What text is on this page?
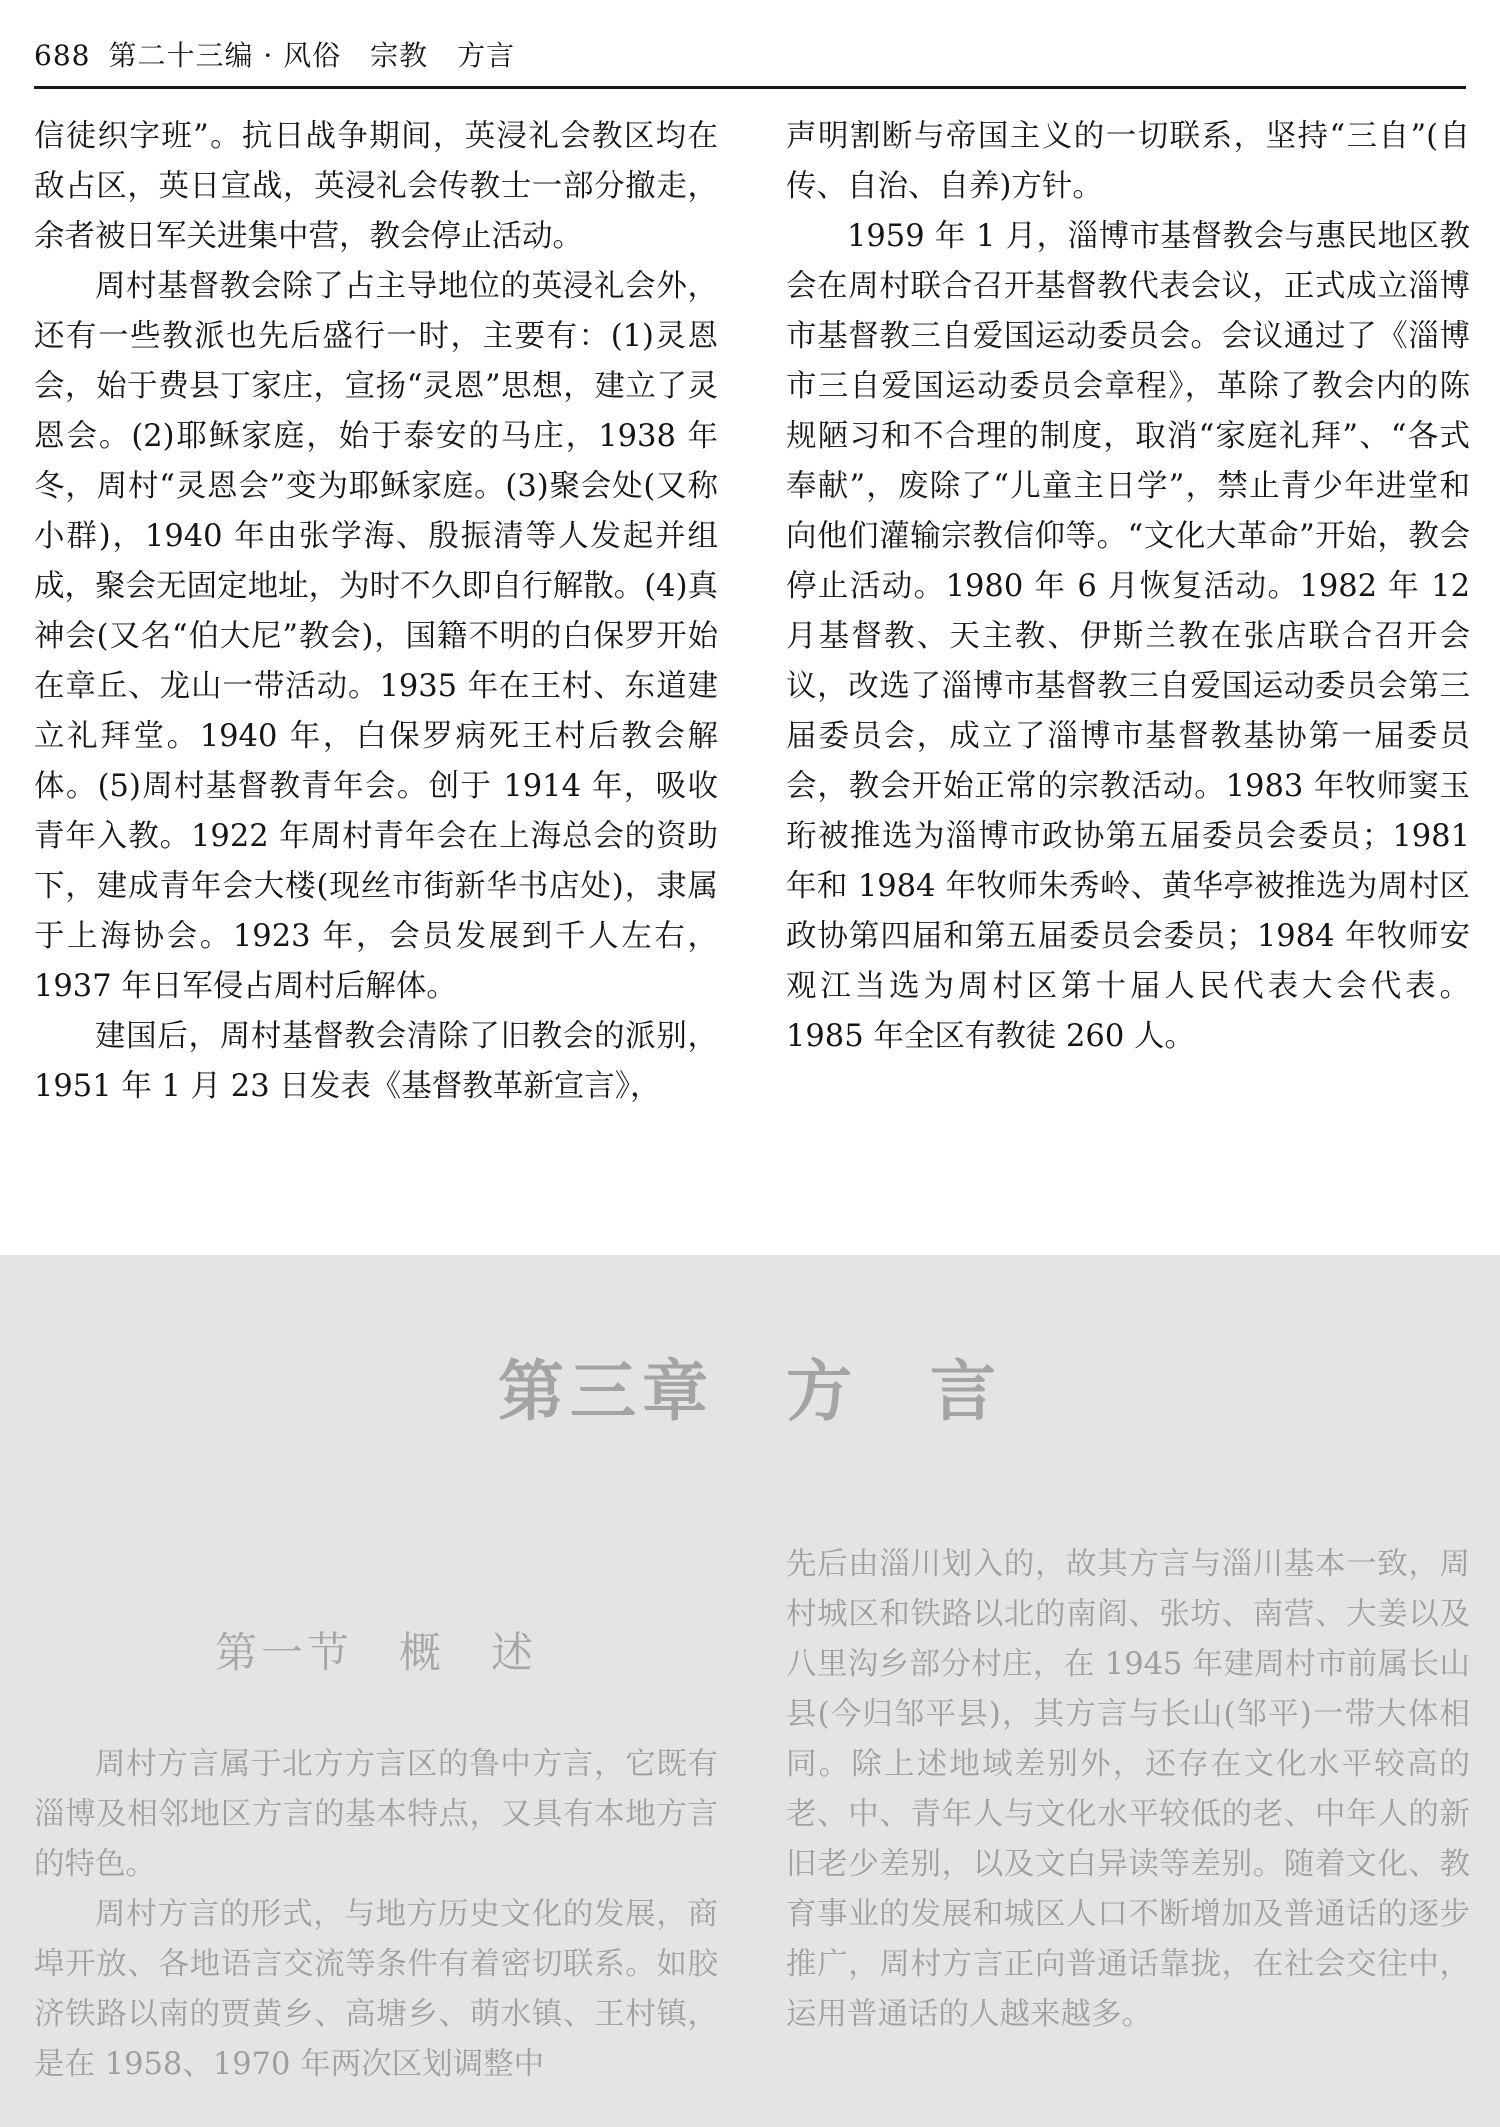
688 第二十三编 · 风俗　宗教　方言

信徒织字班”。抗日战争期间，英浸礼会教区均在敌占区，英日宣战，英浸礼会传教士一部分撤走，余者被日军关进集中营，教会停止活动。

周村基督教会除了占主导地位的英浸礼会外，还有一些教派也先后盛行一时，主要有：(1)灵恩会，始于费县丁家庄，宣扬“灵恩”思想，建立了灵恩会。(2)耶稣家庭，始于泰安的马庄，1938 年冬，周村“灵恩会”变为耶稣家庭。(3)聚会处(又称小群)，1940 年由张学海、殷振清等人发起并组成，聚会无固定地址，为时不久即自行解散。(4)真神会(又名“伯大尼”教会)，国籍不明的白保罗开始在章丘、龙山一带活动。1935 年在王村、东道建立礼拜堂。1940 年，白保罗病死王村后教会解体。(5)周村基督教青年会。创于 1914 年，吸收青年入教。1922 年周村青年会在上海总会的资助下，建成青年会大楼(现丝市街新华书店处)，隶属于上海协会。1923 年，会员发展到千人左右，1937 年日军侵占周村后解体。

建国后，周村基督教会清除了旧教会的派别，1951 年 1 月 23 日发表《基督教革新宣言》，

声明割断与帝国主义的一切联系，坚持“三自”(自传、自治、自养)方针。

1959 年 1 月，淄博市基督教会与惠民地区教会在周村联合召开基督教代表会议，正式成立淄博市基督教三自爱国运动委员会。会议通过了《淄博市三自爱国运动委员会章程》，革除了教会内的陈规陋习和不合理的制度，取消“家庭礼拜”、“各式奉献”，废除了“儿童主日学”，禁止青少年进堂和向他们灌输宗教信仰等。“文化大革命”开始，教会停止活动。1980 年 6 月恢复活动。1982 年 12 月基督教、天主教、伊斯兰教在张店联合召开会议，改选了淄博市基督教三自爱国运动委员会第三届委员会，成立了淄博市基督教基协第一届委员会，教会开始正常的宗教活动。1983 年牧师窦玉珩被推选为淄博市政协第五届委员会委员；1981 年和 1984 年牧师朱秀岭、黄华亭被推选为周村区政协第四届和第五届委员会委员；1984 年牧师安观江当选为周村区第十届人民代表大会代表。1985 年全区有教徒 260 人。

第三章　方　言
第一节　概　述

周村方言属于北方方言区的鲁中方言，它既有淄博及相邻地区方言的基本特点，又具有本地方言的特色。

周村方言的形式，与地方历史文化的发展，商埠开放、各地语言交流等条件有着密切联系。如胶济铁路以南的贾黄乡、高塘乡、萌水镇、王村镇，是在 1958、1970 年两次区划调整中

先后由淄川划入的，故其方言与淄川基本一致，周村城区和铁路以北的南阎、张坊、南营、大姜以及八里沟乡部分村庄，在 1945 年建周村市前属长山县(今归邹平县)，其方言与长山(邹平)一带大体相同。除上述地域差别外，还存在文化水平较高的老、中、青年人与文化水平较低的老、中年人的新旧老少差别，以及文白异读等差别。随着文化、教育事业的发展和城区人口不断增加及普通话的逐步推广，周村方言正向普通话靠拢，在社会交往中，运用普通话的人越来越多。
